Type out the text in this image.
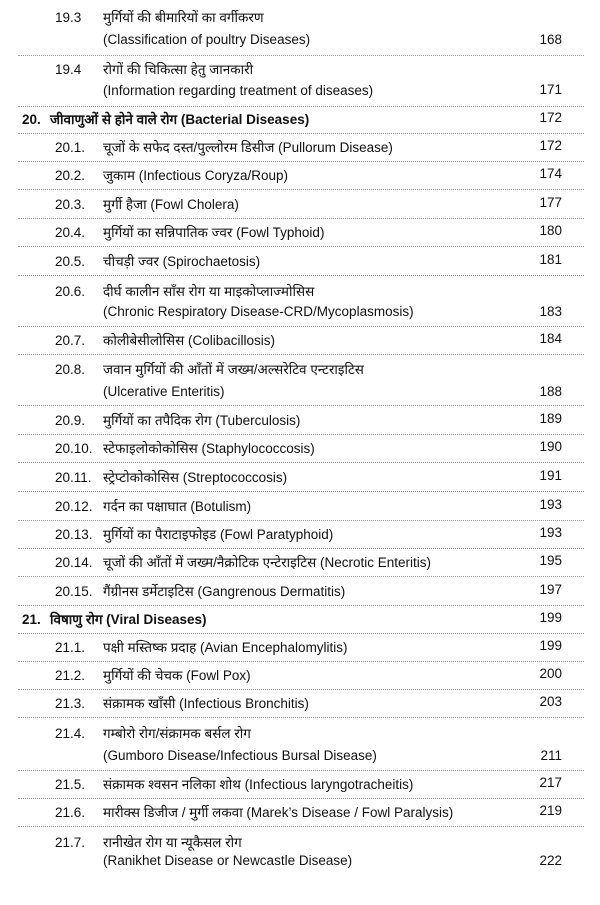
19.3 मुर्गियों की बीमारियों का वर्गीकरण
(Classification of poultry Diseases)	168
19.4 रोगों की चिकित्सा हेतु जानकारी
(Information regarding treatment of diseases)	171
20. जीवाणुओं से होने वाले रोग (Bacterial Diseases)	172
20.1. चूजों के सफेद दस्त/पुल्लोरम डिसीज (Pullorum Disease)	172
20.2. जुकाम (Infectious Coryza/Roup)	174
20.3. मुर्गी हैजा (Fowl Cholera)	177
20.4. मुर्गियों का सन्निपातिक ज्वर (Fowl Typhoid)	180
20.5. चीचड़ी ज्वर (Spirochaetosis)	181
20.6. दीर्घ कालीन साँस रोग या माइकोप्लाज्मोसिस
(Chronic Respiratory Disease-CRD/Mycoplasmosis)	183
20.7. कोलीबेसीलोसिस (Colibacillosis)	184
20.8. जवान मुर्गियों की आँतों में जख्म/अल्सरेटिव एन्टराइटिस
(Ulcerative Enteritis)	188
20.9. मुर्गियों का तपैदिक रोग (Tuberculosis)	189
20.10. स्टेफाइलोकोकोसिस (Staphylococcosis)	190
20.11. स्ट्रेप्टोकोकोसिस (Streptococcosis)	191
20.12. गर्दन का पक्षाघात (Botulism)	193
20.13. मुर्गियों का पैराटाइफोइड (Fowl Paratyphoid)	193
20.14. चूजों की आँतों में जख्म/नैक्रोटिक एन्टेराइटिस (Necrotic Enteritis)	195
20.15. गैंग्रीनस डर्मेटाइटिस (Gangrenous Dermatitis)	197
21. विषाणु रोग (Viral Diseases)	199
21.1. पक्षी मस्तिष्क प्रदाह (Avian Encephalomylitis)	199
21.2. मुर्गियों की चेचक (Fowl Pox)	200
21.3. संक्रामक खाँसी (Infectious Bronchitis)	203
21.4. गम्बोरो रोग/संक्रामक बर्सल रोग
(Gumboro Disease/Infectious Bursal Disease)	211
21.5. संक्रामक श्वसन नलिका शोथ (Infectious laryngotracheitis)	217
21.6. मारीक्स डिजीज / मुर्गी लकवा (Marek’s Disease / Fowl Paralysis)	219
21.7. रानीखेत रोग या न्यूकैसल रोग
(Ranikhet Disease or Newcastle Disease)	222
